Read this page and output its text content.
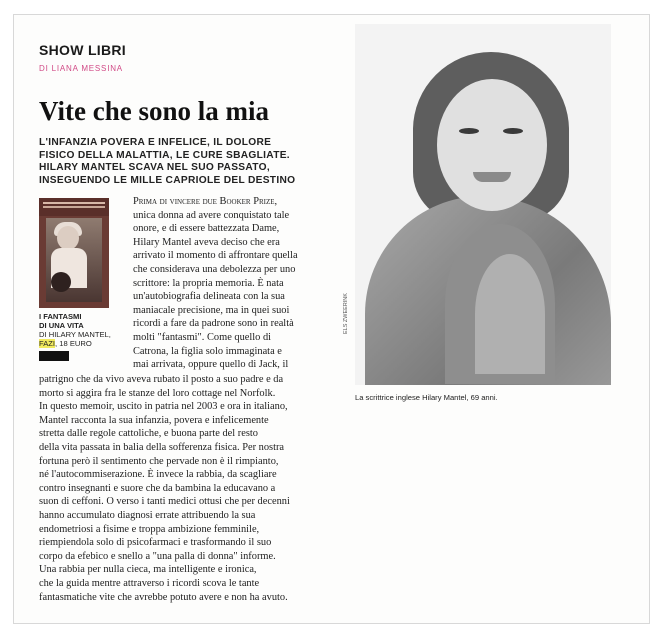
SHOW LIBRI
DI LIANA MESSINA
Vite che sono la mia
L'INFANZIA POVERA E INFELICE, IL DOLORE
FISICO DELLA MALATTIA, LE CURE SBAGLIATE.
HILARY MANTEL SCAVA NEL SUO PASSATO,
INSEGUENDO LE MILLE CAPRIOLE DEL DESTINO
I FANTASMI
DI UNA VITA
DI HILARY MANTEL, FAZI, 18 EURO
Prima di vincere due Booker Prize,
unica donna ad avere conquistato tale
onore, e di essere battezzata Dame,
Hilary Mantel aveva deciso che era
arrivato il momento di affrontare quella
che considerava una debolezza per uno
scrittore: la propria memoria. È nata
un'autobiografia delineata con la sua
maniacale precisione, ma in quei suoi
ricordi a fare da padrone sono in realtà
molti "fantasmi". Come quello di
Catrona, la figlia solo immaginata e
mai arrivata, oppure quello di Jack, il
patrigno che da vivo aveva rubato il posto a suo padre e da
morto si aggira fra le stanze del loro cottage nel Norfolk.
In questo memoir, uscito in patria nel 2003 e ora in italiano,
Mantel racconta la sua infanzia, povera e infelicemente
stretta dalle regole cattoliche, e buona parte del resto
della vita passata in balia della sofferenza fisica. Per nostra
fortuna però il sentimento che pervade non è il rimpianto,
né l'autocommiserazione. È invece la rabbia, da scagliare
contro insegnanti e suore che da bambina la educavano a
suon di ceffoni. O verso i tanti medici ottusi che per decenni
hanno accumulato diagnosi errate attribuendo la sua
endometriosi a fisime e troppa ambizione femminile,
riempiendola solo di psicofarmaci e trasformando il suo
corpo da efebico e snello a "una palla di donna" informe.
Una rabbia per nulla cieca, ma intelligente e ironica,
che la guida mentre attraverso i ricordi scova le tante
fantasmatiche vite che avrebbe potuto avere e non ha avuto.
ELS ZWEERINK
La scrittrice inglese Hilary Mantel, 69 anni.
